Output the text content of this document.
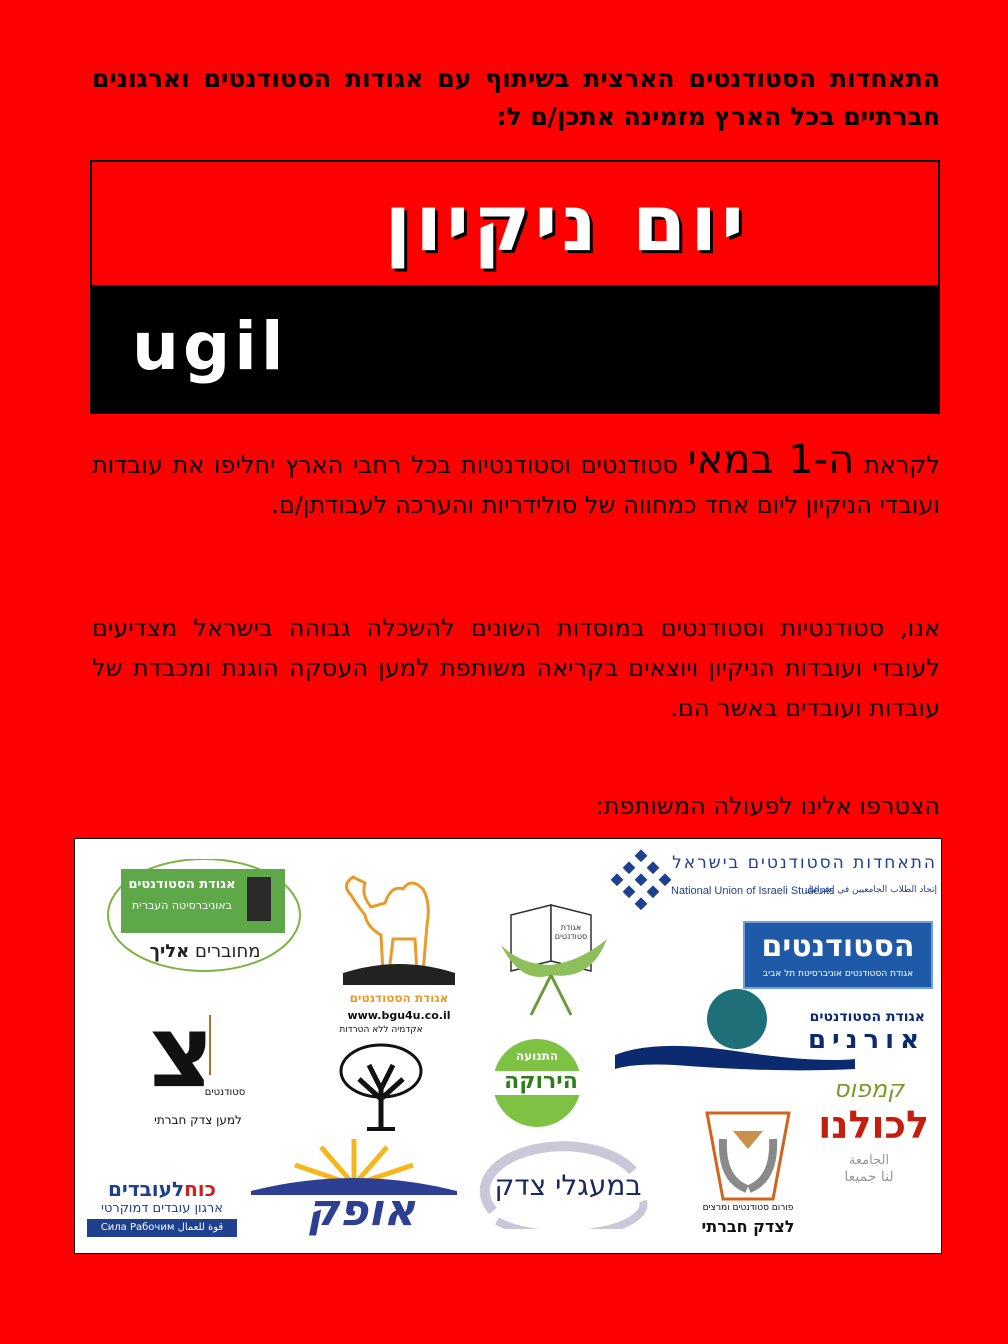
התאחדות הסטודנטים הארצית בשיתוף עם אגודות הסטודנטים וארגונים חברתיים בכל הארץ מזמינה אתכן/ם ל:

יום ניקיון
ugil

לקראת ה-1 במאי סטודנטים וסטודנטיות בכל רחבי הארץ יחליפו את עובדות ועובדי הניקיון ליום אחד כמחווה של סולידריות והערכה לעבודתן/ם.

אנו, סטודנטיות וסטודנטים במוסדות השונים להשכלה גבוהה בישראל מצדיעים לעובדי ועובדות הניקיון ויוצאים בקריאה משותפת למען העסקה הוגנת ומכבדת של עובדות ועובדים באשר הם.

הצטרפו אלינו לפעולה המשותפת:

התאחדות הסטודנטים בישראל
National Union of Israeli Students
إتحاد الطلاب الجامعيين في إسرائيل
אגודת הסטודנטים
באוניברסיטה העברית
מחוברים אליך
אגודת הסטודנטים
www.bgu4u.co.il
אגודת סטודנטים	הסטודנטים
אגודת הסטודנטים אוניברסיטת תל אביב
אגודת הסטודנטים
אורנים
צ
סטודנטים
למען צדק חברתי
אקדמיה ללא הטרדות
התנועה
הירוקה	קמפוס
לכולנו
الجامعة
لنا جميعا
כוחלעובדים
ארגון עובדים דמוקרטי
Сила Рабочим قوة للعمال	אופק	במעגלי צדק
פורום סטודנטים ומרצים
לצדק חברתי
